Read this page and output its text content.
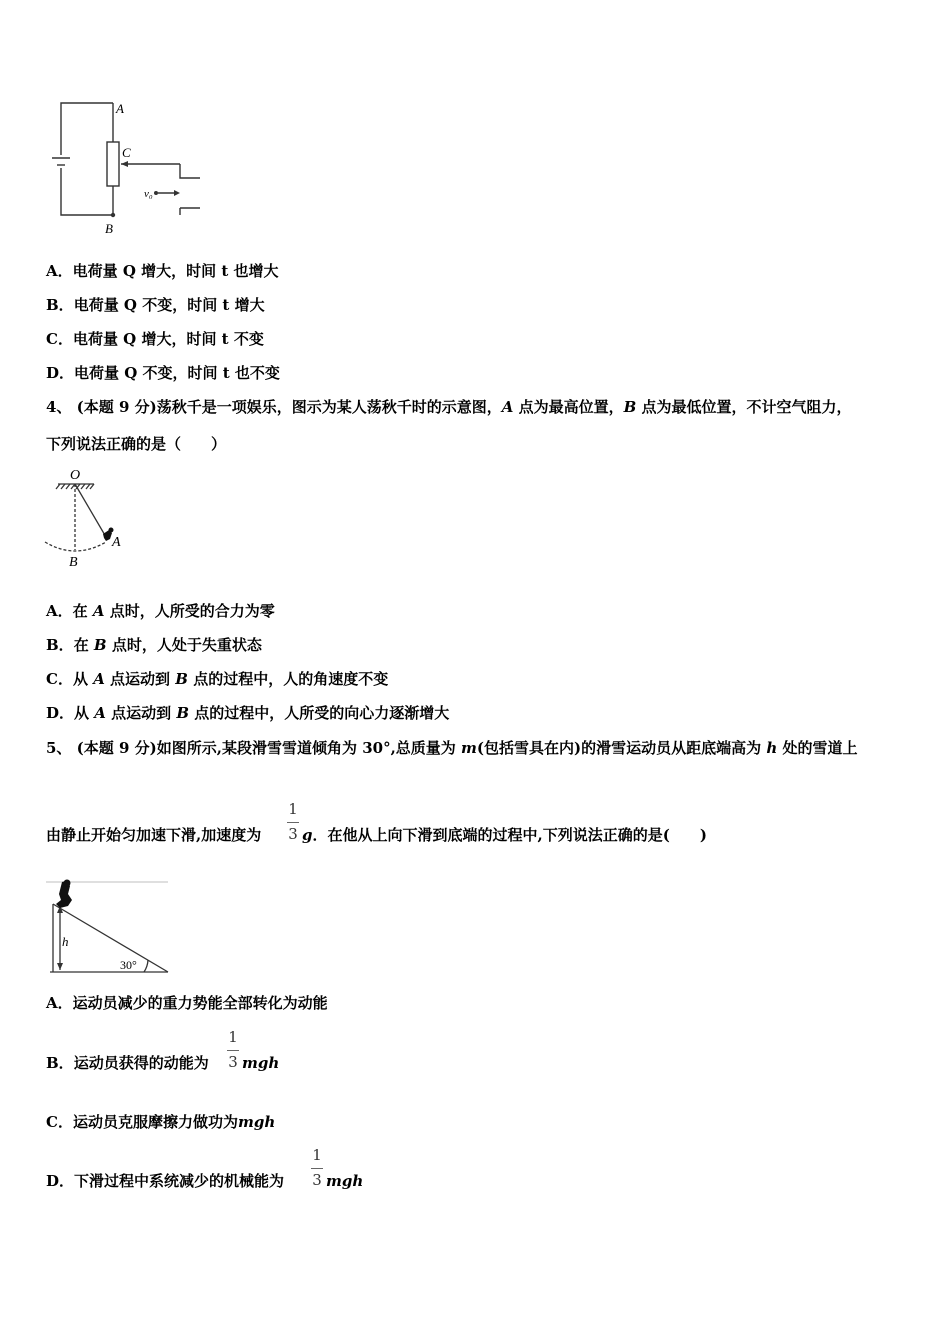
A
C
B
v₀
A．电荷量 Q 增大，时间 t 也增大
B．电荷量 Q 不变，时间 t 增大
C．电荷量 Q 增大，时间 t 不变
D．电荷量 Q 不变，时间 t 也不变
4、 (本题 9 分)荡秋千是一项娱乐，图示为某人荡秋千时的示意图，A 点为最高位置，B 点为最低位置，不计空气阻力，
下列说法正确的是（　　）
O
A
B
A．在 A 点时，人所受的合力为零
B．在 B 点时，人处于失重状态
C．从 A 点运动到 B 点的过程中，人的角速度不变
D．从 A 点运动到 B 点的过程中，人所受的向心力逐渐增大
5、 (本题 9 分)如图所示,某段滑雪雪道倾角为 30°,总质量为 m(包括雪具在内)的滑雪运动员从距底端高为 h 处的雪道上
1
3
由静止开始匀加速下滑,加速度为	g．在他从上向下滑到底端的过程中,下列说法正确的是(　　)
h
30°
A．运动员减少的重力势能全部转化为动能
1
3
B．运动员获得的动能为 mgh
C．运动员克服摩擦力做功为mgh
1
3
D．下滑过程中系统减少的机械能为	mgh
